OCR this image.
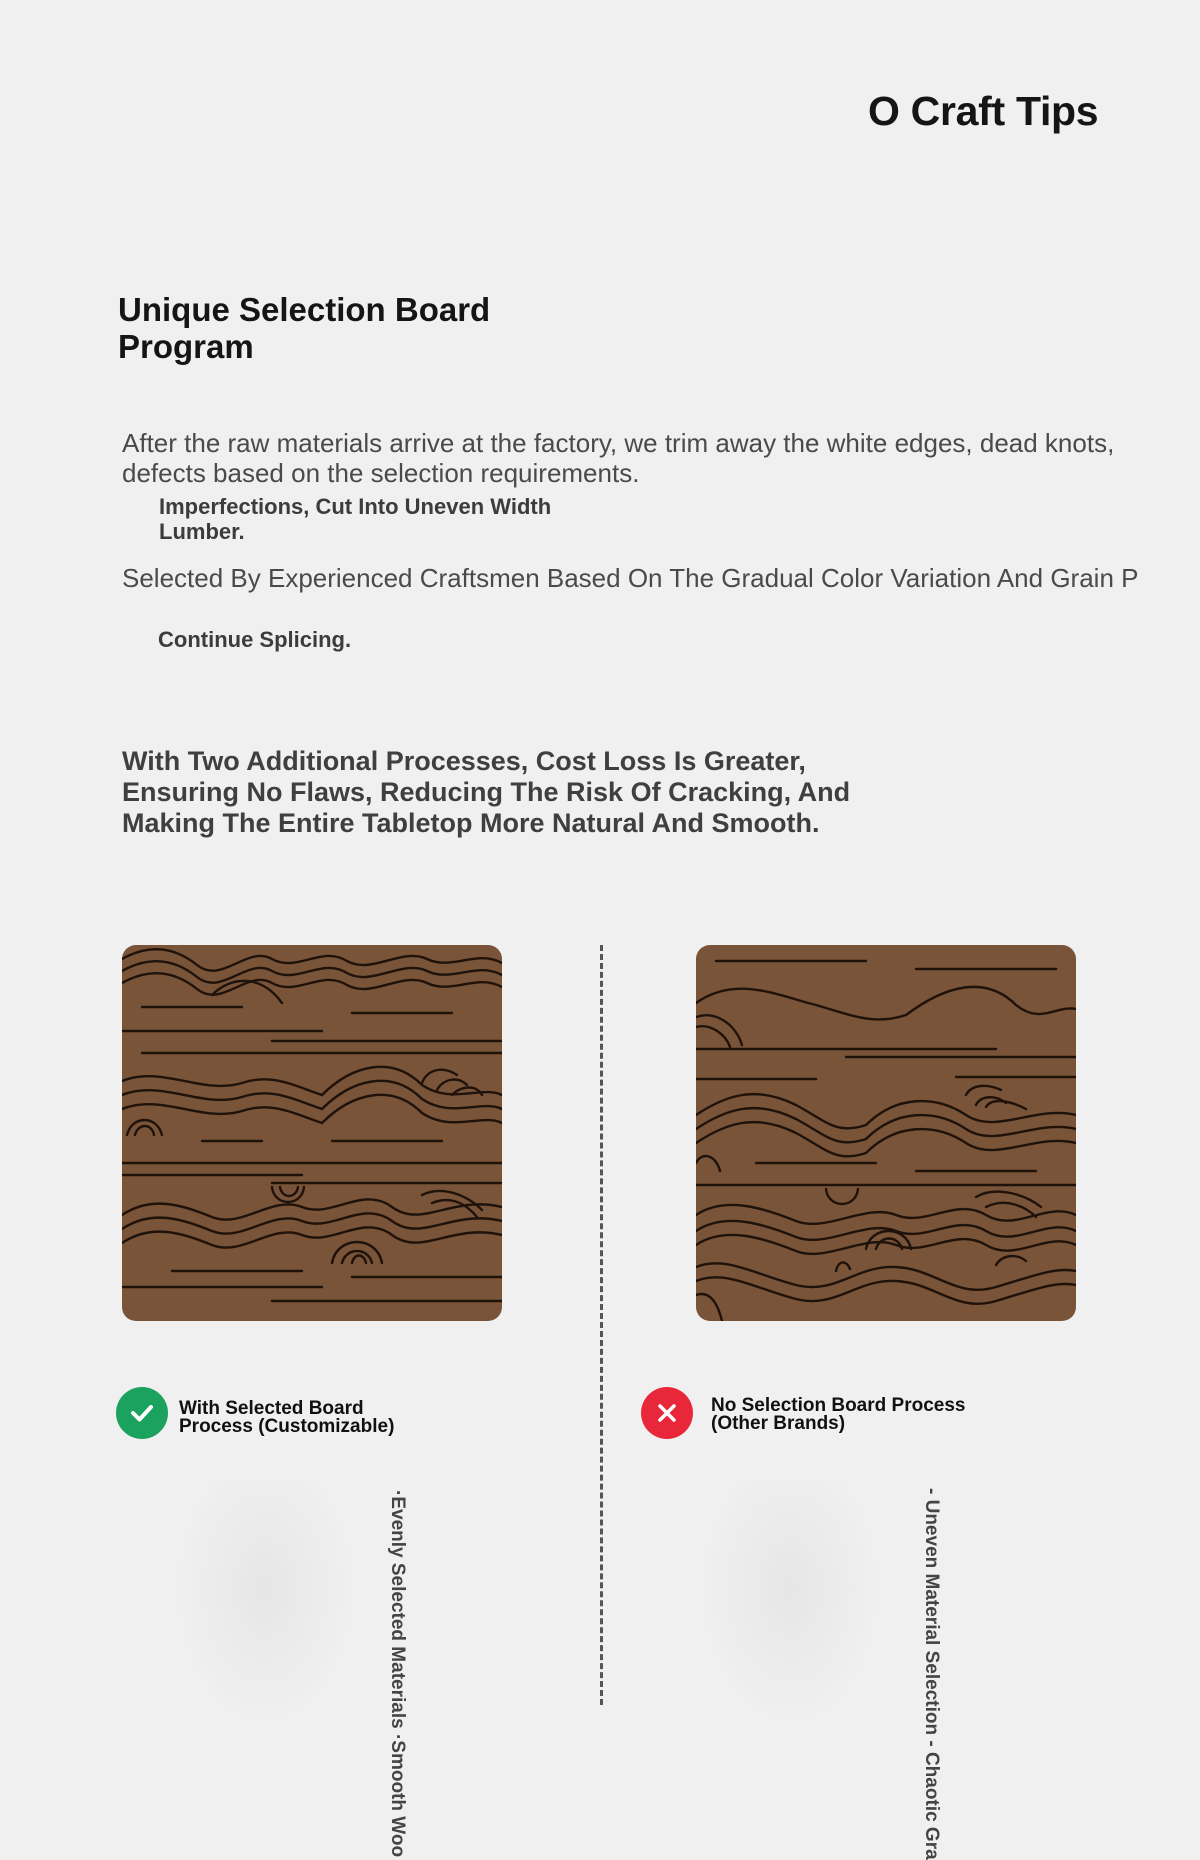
O Craft Tips
Unique Selection Board Program
After the raw materials arrive at the factory, we trim away the white edges, dead knots,
defects based on the selection requirements.
Imperfections, Cut Into Uneven Width Lumber.
Selected By Experienced Craftsmen Based On The Gradual Color Variation And Grain P
Continue Splicing.
With Two Additional Processes, Cost Loss Is Greater,
Ensuring No Flaws, Reducing The Risk Of Cracking, And
Making The Entire Tabletop More Natural And Smooth.
With Selected Board
Process (Customizable)
No Selection Board Process
(Other Brands)
·Evenly Selected Materials ·Smooth Woo	- Uneven Material Selection - Chaotic Gra
